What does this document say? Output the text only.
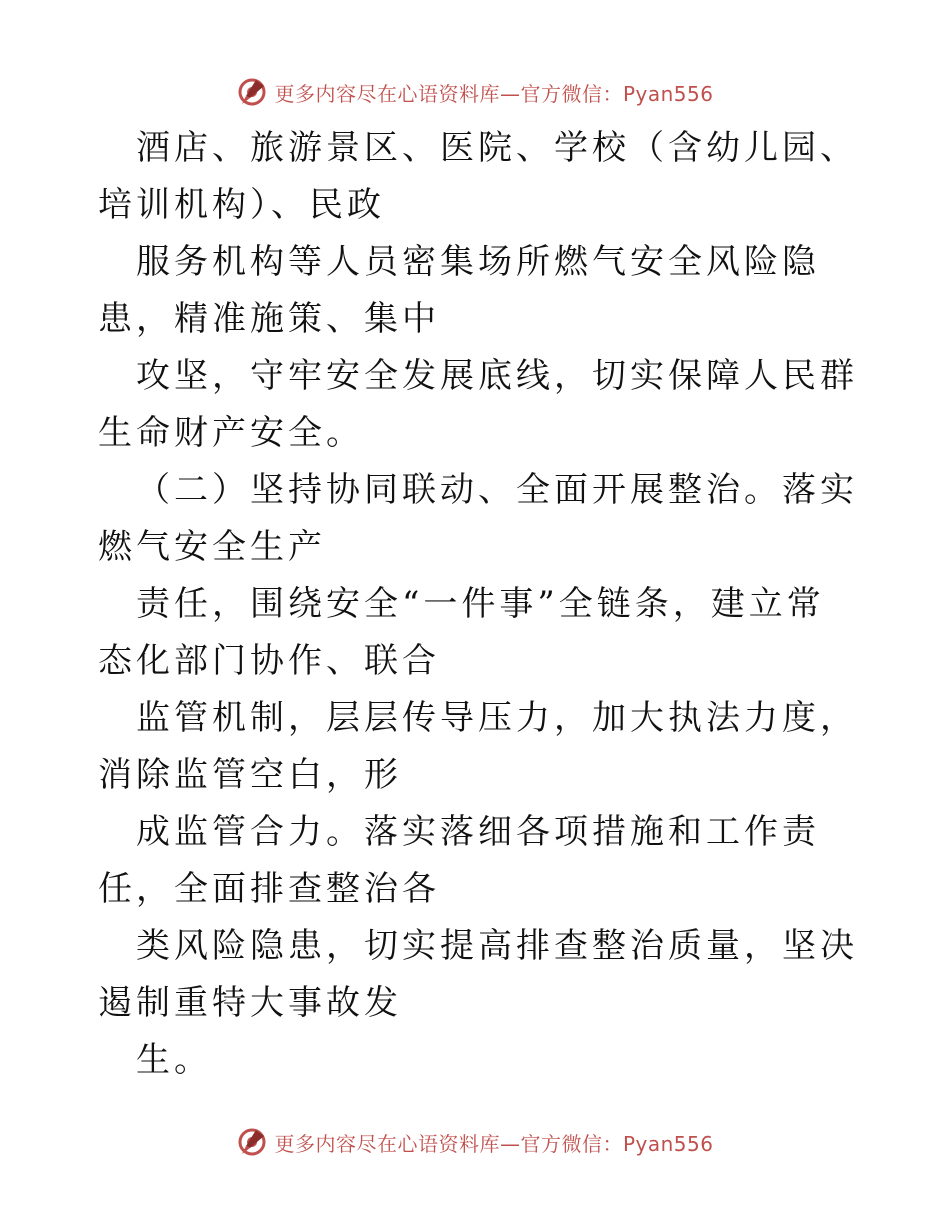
更多内容尽在心语资料库—官方微信：Pyan556

酒店、旅游景区、医院、学校（含幼儿园、培训机构）、民政

服务机构等人员密集场所燃气安全风险隐患，精准施策、集中

攻坚，守牢安全发展底线，切实保障人民群生命财产安全。

（二）坚持协同联动、全面开展整治。落实燃气安全生产

责任，围绕安全“一件事”全链条，建立常态化部门协作、联合

监管机制，层层传导压力，加大执法力度，消除监管空白，形

成监管合力。落实落细各项措施和工作责任，全面排查整治各

类风险隐患，切实提高排查整治质量，坚决遏制重特大事故发

生。

更多内容尽在心语资料库—官方微信：Pyan556
